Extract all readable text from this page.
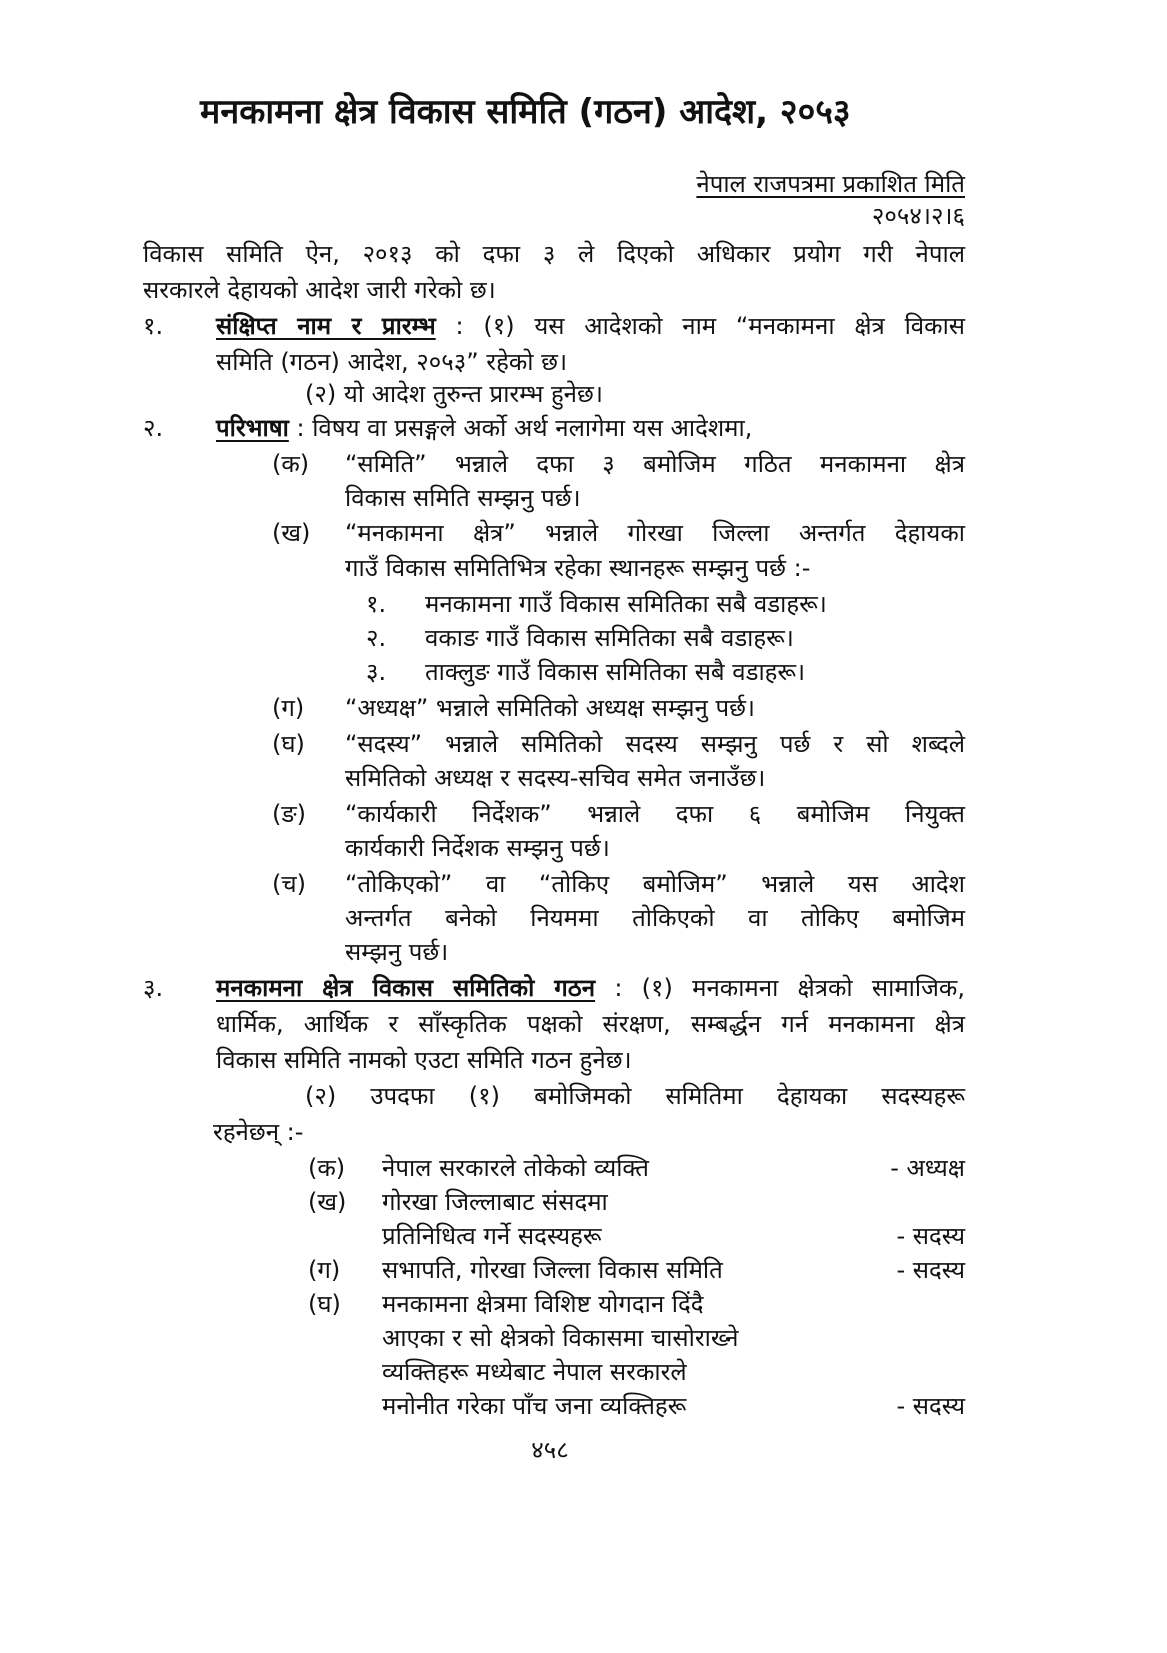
मनकामना क्षेत्र विकास समिति (गठन) आदेश, २०५३
नेपाल राजपत्रमा प्रकाशित मिति
२०५४।२।६
विकास समिति ऐन, २०१३ को दफा ३ ले दिएको अधिकार प्रयोग गरी नेपाल
सरकारले देहायको आदेश जारी गरेको छ।
१. संक्षिप्त नाम र प्रारम्भ : (१) यस आदेशको नाम “मनकामना क्षेत्र विकास
समिति (गठन) आदेश, २०५३” रहेको छ।
(२) यो आदेश तुरुन्त प्रारम्भ हुनेछ।
२. परिभाषा : विषय वा प्रसङ्गले अर्को अर्थ नलागेमा यस आदेशमा,
(क) “समिति” भन्नाले दफा ३ बमोजिम गठित मनकामना क्षेत्र
विकास समिति सम्झनु पर्छ।
(ख) “मनकामना क्षेत्र” भन्नाले गोरखा जिल्ला अन्तर्गत देहायका
गाउँ विकास समितिभित्र रहेका स्थानहरू सम्झनु पर्छ :-
१. मनकामना गाउँ विकास समितिका सबै वडाहरू।
२. वकाङ गाउँ विकास समितिका सबै वडाहरू।
३. ताक्लुङ गाउँ विकास समितिका सबै वडाहरू।
(ग) “अध्यक्ष” भन्नाले समितिको अध्यक्ष सम्झनु पर्छ।
(घ) “सदस्य” भन्नाले समितिको सदस्य सम्झनु पर्छ र सो शब्दले
समितिको अध्यक्ष र सदस्य-सचिव समेत जनाउँछ।
(ङ) “कार्यकारी निर्देशक” भन्नाले दफा ६ बमोजिम नियुक्त
कार्यकारी निर्देशक सम्झनु पर्छ।
(च) “तोकिएको” वा “तोकिए बमोजिम” भन्नाले यस आदेश
अन्तर्गत बनेको नियममा तोकिएको वा तोकिए बमोजिम
सम्झनु पर्छ।
३. मनकामना क्षेत्र विकास समितिको गठन : (१) मनकामना क्षेत्रको सामाजिक,
धार्मिक, आर्थिक र साँस्कृतिक पक्षको संरक्षण, सम्बर्द्धन गर्न मनकामना क्षेत्र
विकास समिति नामको एउटा समिति गठन हुनेछ।
(२) उपदफा (१) बमोजिमको समितिमा देहायका सदस्यहरू
रहनेछन् :-
(क) नेपाल सरकारले तोकेको व्यक्ति	- अध्यक्ष
(ख) गोरखा जिल्लाबाट संसदमा
प्रतिनिधित्व गर्ने सदस्यहरू	- सदस्य
(ग) सभापति, गोरखा जिल्ला विकास समिति	- सदस्य
(घ) मनकामना क्षेत्रमा विशिष्ट योगदान दिंदै
आएका र सो क्षेत्रको विकासमा चासोराख्ने
व्यक्तिहरू मध्येबाट नेपाल सरकारले
मनोनीत गरेका पाँच जना व्यक्तिहरू	- सदस्य
४५८
